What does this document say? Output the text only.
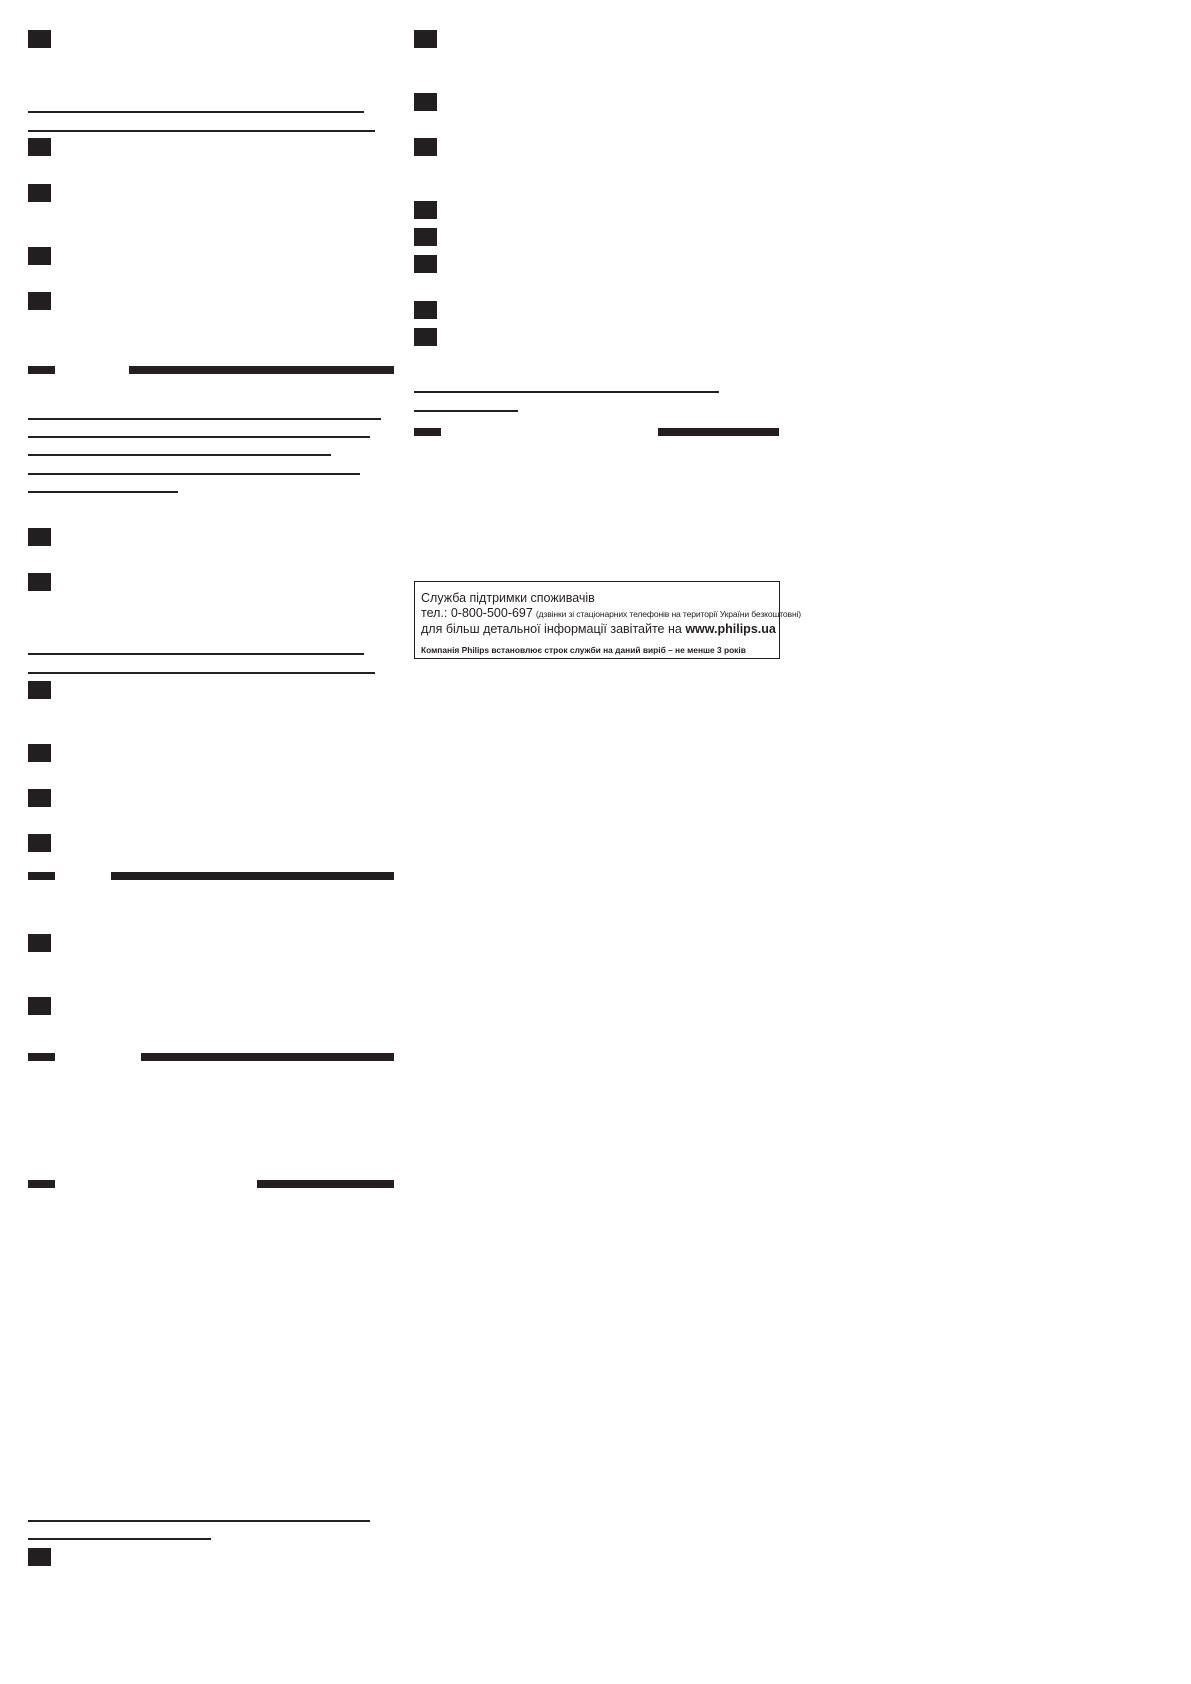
Служба підтримки споживачів
тел.: 0-800-500-697 (дзвінки зі стаціонарних телефонів на території України безкоштовні)
для більш детальної інформації завітайте на www.philips.ua
Компанія Philips встановлює строк служби на даний виріб – не менше 3 років
